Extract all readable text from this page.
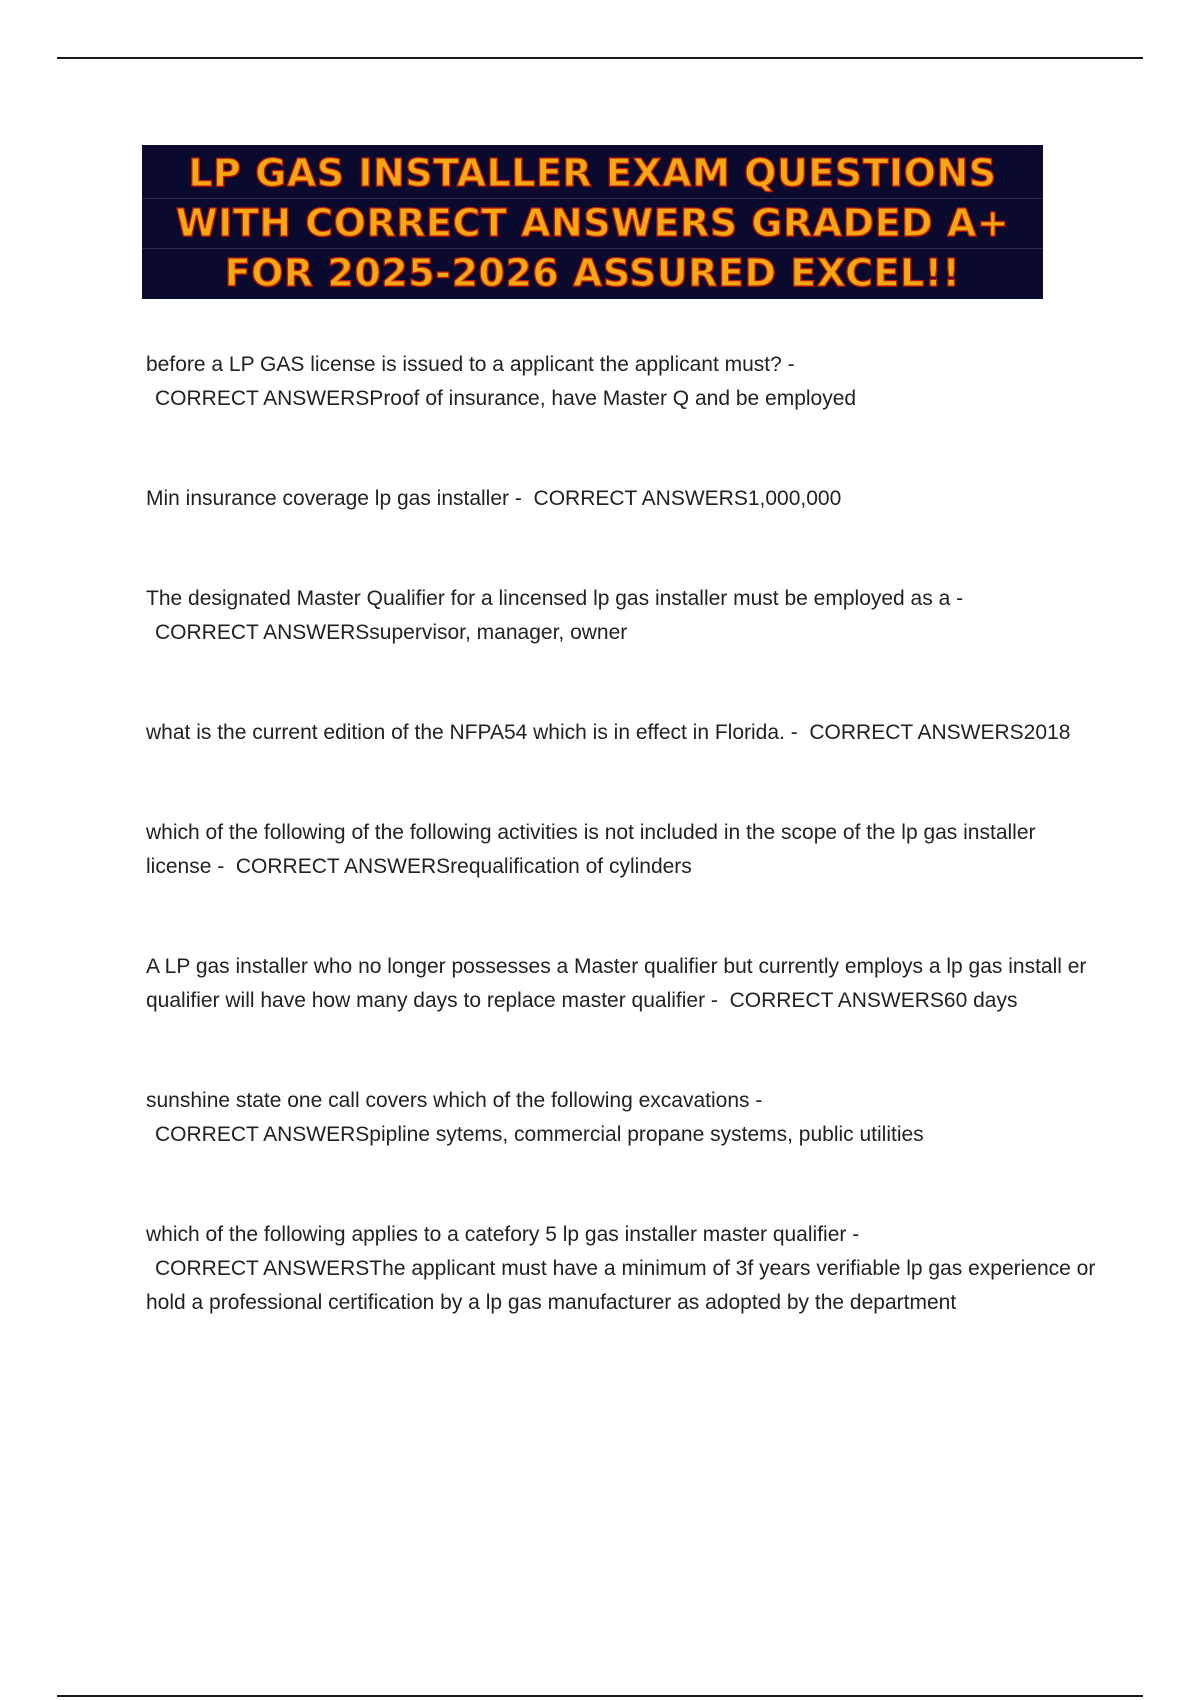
LP GAS INSTALLER EXAM QUESTIONS
WITH CORRECT ANSWERS GRADED A+
FOR 2025-2026 ASSURED EXCEL!!

before a LP GAS license is issued to a applicant the applicant must? -
CORRECT ANSWERSProof of insurance, have Master Q and be employed

Min insurance coverage lp gas installer - CORRECT ANSWERS1,000,000

The designated Master Qualifier for a lincensed lp gas installer must be employed as a -
CORRECT ANSWERSsupervisor, manager, owner

what is the current edition of the NFPA54 which is in effect in Florida. - CORRECT ANSWERS2018

which of the following of the following activities is not included in the scope of the lp gas installer license - CORRECT ANSWERSrequalification of cylinders

A LP gas installer who no longer possesses a Master qualifier but currently employs a lp gas install er qualifier will have how many days to replace master qualifier - CORRECT ANSWERS60 days

sunshine state one call covers which of the following excavations -
CORRECT ANSWERSpipline sytems, commercial propane systems, public utilities

which of the following applies to a catefory 5 lp gas installer master qualifier -
CORRECT ANSWERSThe applicant must have a minimum of 3f years verifiable lp gas experience or hold a professional certification by a lp gas manufacturer as adopted by the department
